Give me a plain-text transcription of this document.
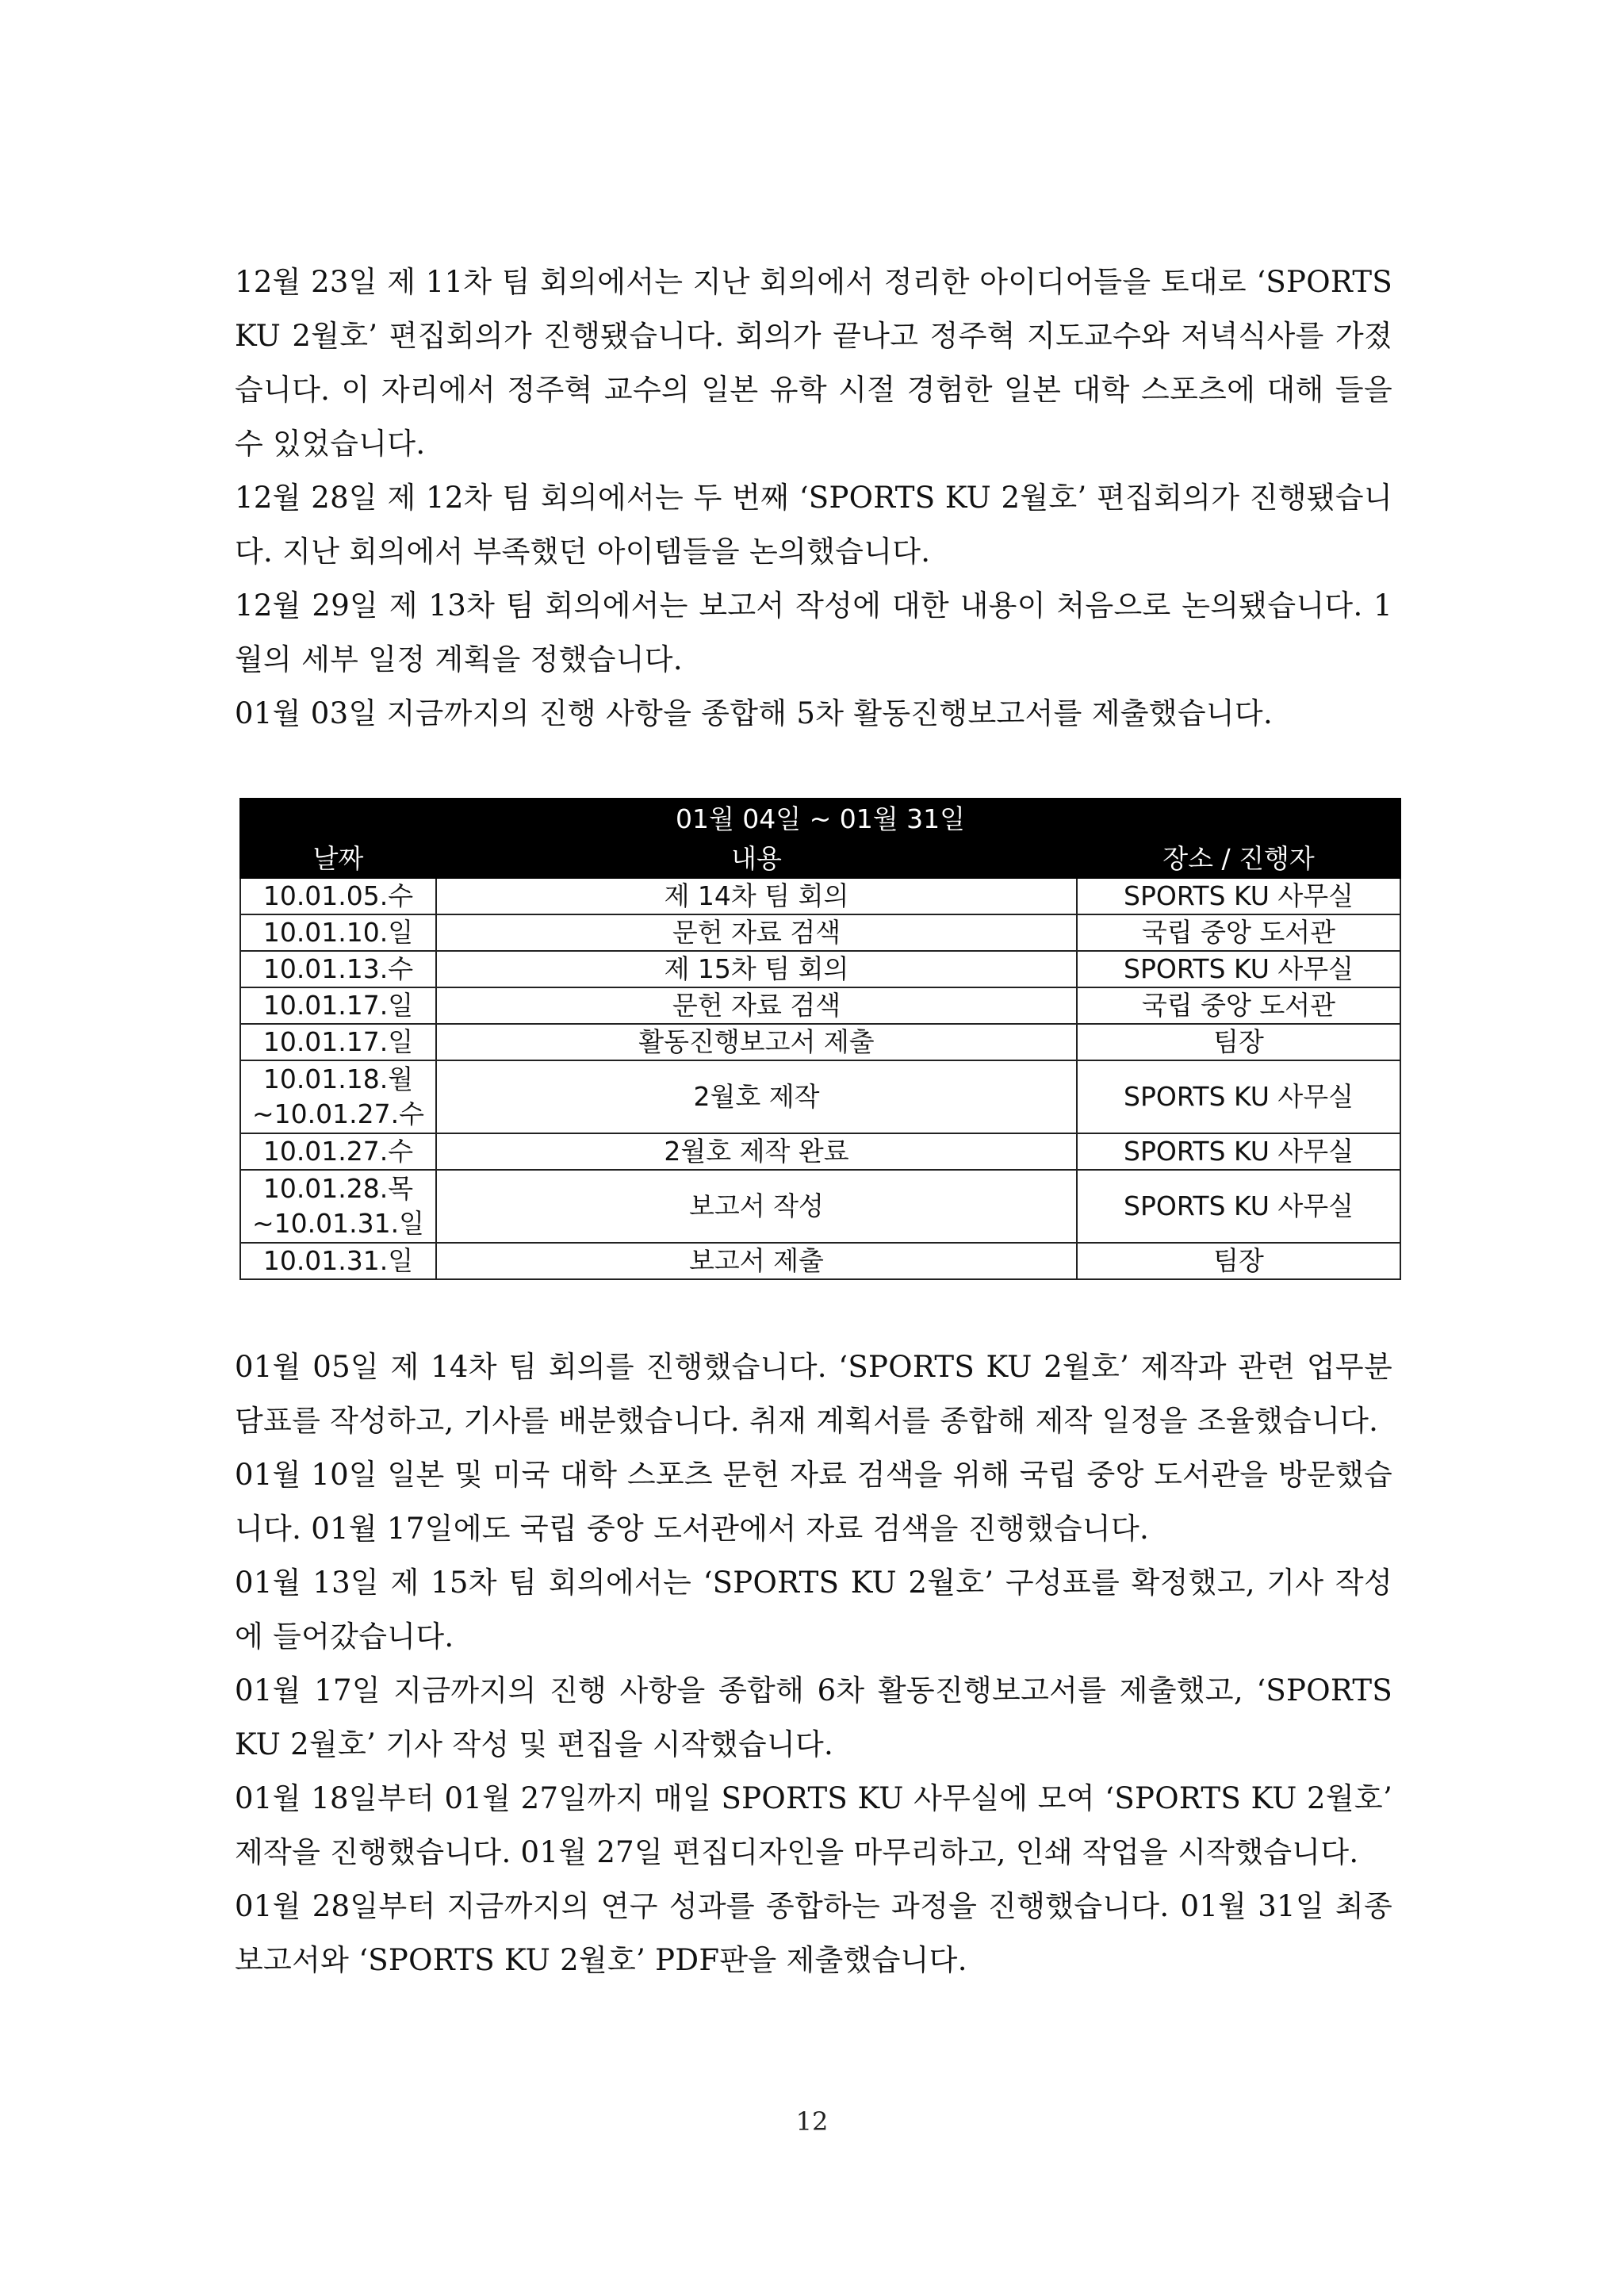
12월 23일 제 11차 팀 회의에서는 지난 회의에서 정리한 아이디어들을 토대로 ‘SPORTS KU 2월호’ 편집회의가 진행됐습니다. 회의가 끝나고 정주혁 지도교수와 저녁식사를 가졌습니다. 이 자리에서 정주혁 교수의 일본 유학 시절 경험한 일본 대학 스포츠에 대해 들을 수 있었습니다.

12월 28일 제 12차 팀 회의에서는 두 번째 ‘SPORTS KU 2월호’ 편집회의가 진행됐습니다. 지난 회의에서 부족했던 아이템들을 논의했습니다.

12월 29일 제 13차 팀 회의에서는 보고서 작성에 대한 내용이 처음으로 논의됐습니다. 1월의 세부 일정 계획을 정했습니다.

01월 03일 지금까지의 진행 사항을 종합해 5차 활동진행보고서를 제출했습니다.

01월 04일 ~ 01월 31일		
날짜	내용	장소 / 진행자
10.01.05.수	제 14차 팀 회의	SPORTS KU 사무실
10.01.10.일	문헌 자료 검색	국립 중앙 도서관
10.01.13.수	제 15차 팀 회의	SPORTS KU 사무실
10.01.17.일	문헌 자료 검색	국립 중앙 도서관
10.01.17.일	활동진행보고서 제출	팀장
10.01.18.월
~10.01.27.수	2월호 제작	SPORTS KU 사무실
10.01.27.수	2월호 제작 완료	SPORTS KU 사무실
10.01.28.목
~10.01.31.일	보고서 작성	SPORTS KU 사무실
10.01.31.일	보고서 제출	팀장

01월 05일 제 14차 팀 회의를 진행했습니다. ‘SPORTS KU 2월호’ 제작과 관련 업무분담표를 작성하고, 기사를 배분했습니다. 취재 계획서를 종합해 제작 일정을 조율했습니다.

01월 10일 일본 및 미국 대학 스포츠 문헌 자료 검색을 위해 국립 중앙 도서관을 방문했습니다. 01월 17일에도 국립 중앙 도서관에서 자료 검색을 진행했습니다.

01월 13일 제 15차 팀 회의에서는 ‘SPORTS KU 2월호’ 구성표를 확정했고, 기사 작성에 들어갔습니다.

01월 17일 지금까지의 진행 사항을 종합해 6차 활동진행보고서를 제출했고, ‘SPORTS KU 2월호’ 기사 작성 및 편집을 시작했습니다.

01월 18일부터 01월 27일까지 매일 SPORTS KU 사무실에 모여 ‘SPORTS KU 2월호’ 제작을 진행했습니다. 01월 27일 편집디자인을 마무리하고, 인쇄 작업을 시작했습니다.

01월 28일부터 지금까지의 연구 성과를 종합하는 과정을 진행했습니다. 01월 31일 최종 보고서와 ‘SPORTS KU 2월호’ PDF판을 제출했습니다.

12
